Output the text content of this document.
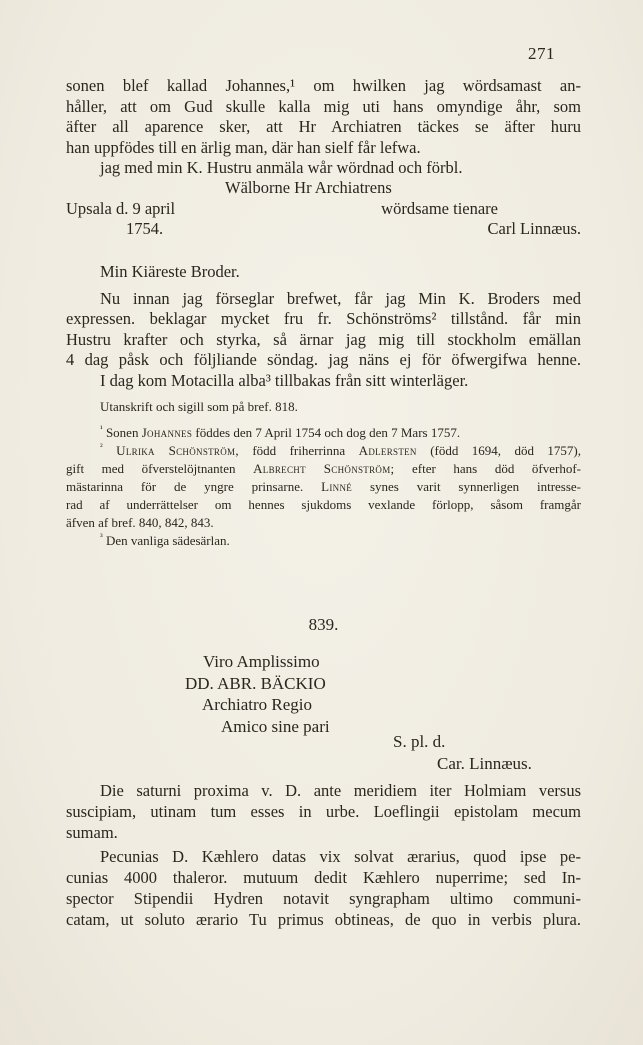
271
sonen blef kallad Johannes,¹ om hwilken jag wördsamast an-
håller, att om Gud skulle kalla mig uti hans omyndige åhr, som
äfter all aparence sker, att Hr Archiatren täckes se äfter huru
han uppfödes till en ärlig man, där han sielf får lefwa.
jag med min K. Hustru anmäla wår wördnad och förbl.
Wälborne Hr Archiatrens
Upsala d. 9 april	wördsame tienare
1754.	Carl Linnæus.
Min Kiäreste Broder.
Nu innan jag förseglar brefwet, får jag Min K. Broders med
expressen. beklagar mycket fru fr. Schönströms² tillstånd. får min
Hustru krafter och styrka, så ärnar jag mig till stockholm emällan
4 dag påsk och följliande söndag. jag näns ej för öfwergifwa henne.
I dag kom Motacilla alba³ tillbakas från sitt winterläger.
Utanskrift och sigill som på bref. 818.
$^{^1}$ Sonen Johannes föddes den 7 April 1754 och dog den 7 Mars 1757.
$^{^2}$ Ulrika Schönström, född friherrinna Adlersten (född 1694, död 1757),
gift med öfverstelöjtnanten Albrecht Schönström; efter hans död öfverhof-
mästarinna för de yngre prinsarne. Linné synes varit synnerligen intresse-
rad af underrättelser om hennes sjukdoms vexlande förlopp, såsom framgår
äfven af bref. 840, 842, 843.
$^{^3}$ Den vanliga sädesärlan.
839.
Viro Amplissimo
DD. ABR. BÄCKIO
Archiatro Regio
Amico sine pari
S. pl. d.
Car. Linnæus.
Die saturni proxima v. D. ante meridiem iter Holmiam versus
suscipiam, utinam tum esses in urbe. Loeflingii epistolam mecum
sumam.
Pecunias D. Kæhlero datas vix solvat ærarius, quod ipse pe-
cunias 4000 thaleror. mutuum dedit Kæhlero nuperrime; sed In-
spector Stipendii Hydren notavit syngrapham ultimo communi-
catam, ut soluto ærario Tu primus obtineas, de quo in verbis plura.
